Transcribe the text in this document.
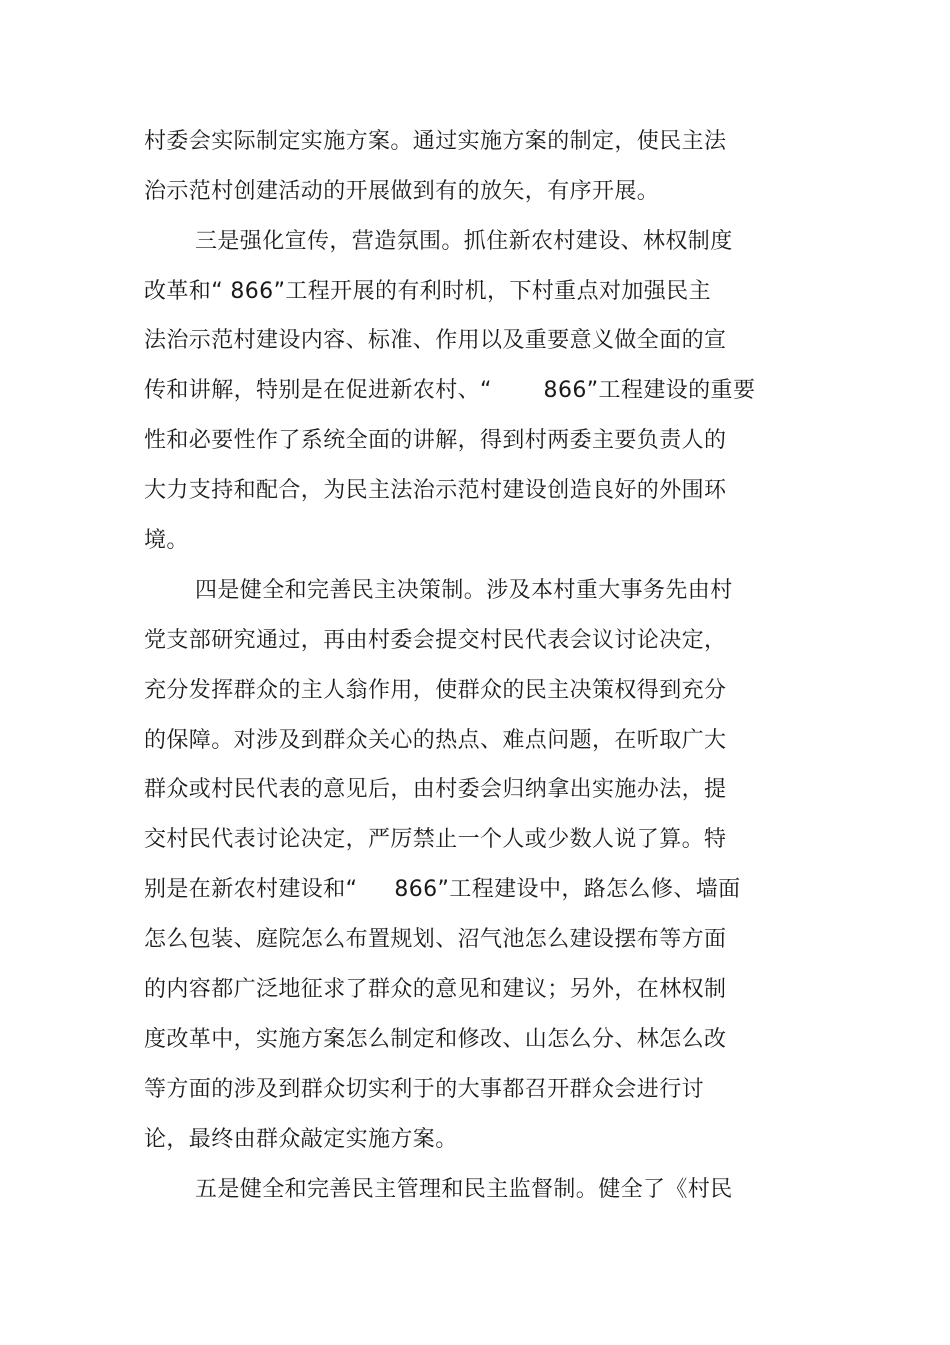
村委会实际制定实施方案。通过实施方案的制定，使民主法
治示范村创建活动的开展做到有的放矢，有序开展。
三是强化宣传，营造氛围。抓住新农村建设、林权制度
改革和“ 866”工程开展的有利时机，下村重点对加强民主
法治示范村建设内容、标准、作用以及重要意义做全面的宣
传和讲解，特别是在促进新农村、“       866”工程建设的重要
性和必要性作了系统全面的讲解，得到村两委主要负责人的
大力支持和配合，为民主法治示范村建设创造良好的外围环
境。
四是健全和完善民主决策制。涉及本村重大事务先由村
党支部研究通过，再由村委会提交村民代表会议讨论决定，
充分发挥群众的主人翁作用，使群众的民主决策权得到充分
的保障。对涉及到群众关心的热点、难点问题，在听取广大
群众或村民代表的意见后，由村委会归纳拿出实施办法，提
交村民代表讨论决定，严厉禁止一个人或少数人说了算。特
别是在新农村建设和“     866”工程建设中，路怎么修、墙面
怎么包装、庭院怎么布置规划、沼气池怎么建设摆布等方面
的内容都广泛地征求了群众的意见和建议；另外，在林权制
度改革中，实施方案怎么制定和修改、山怎么分、林怎么改
等方面的涉及到群众切实利于的大事都召开群众会进行讨
论，最终由群众敲定实施方案。
五是健全和完善民主管理和民主监督制。健全了《村民
